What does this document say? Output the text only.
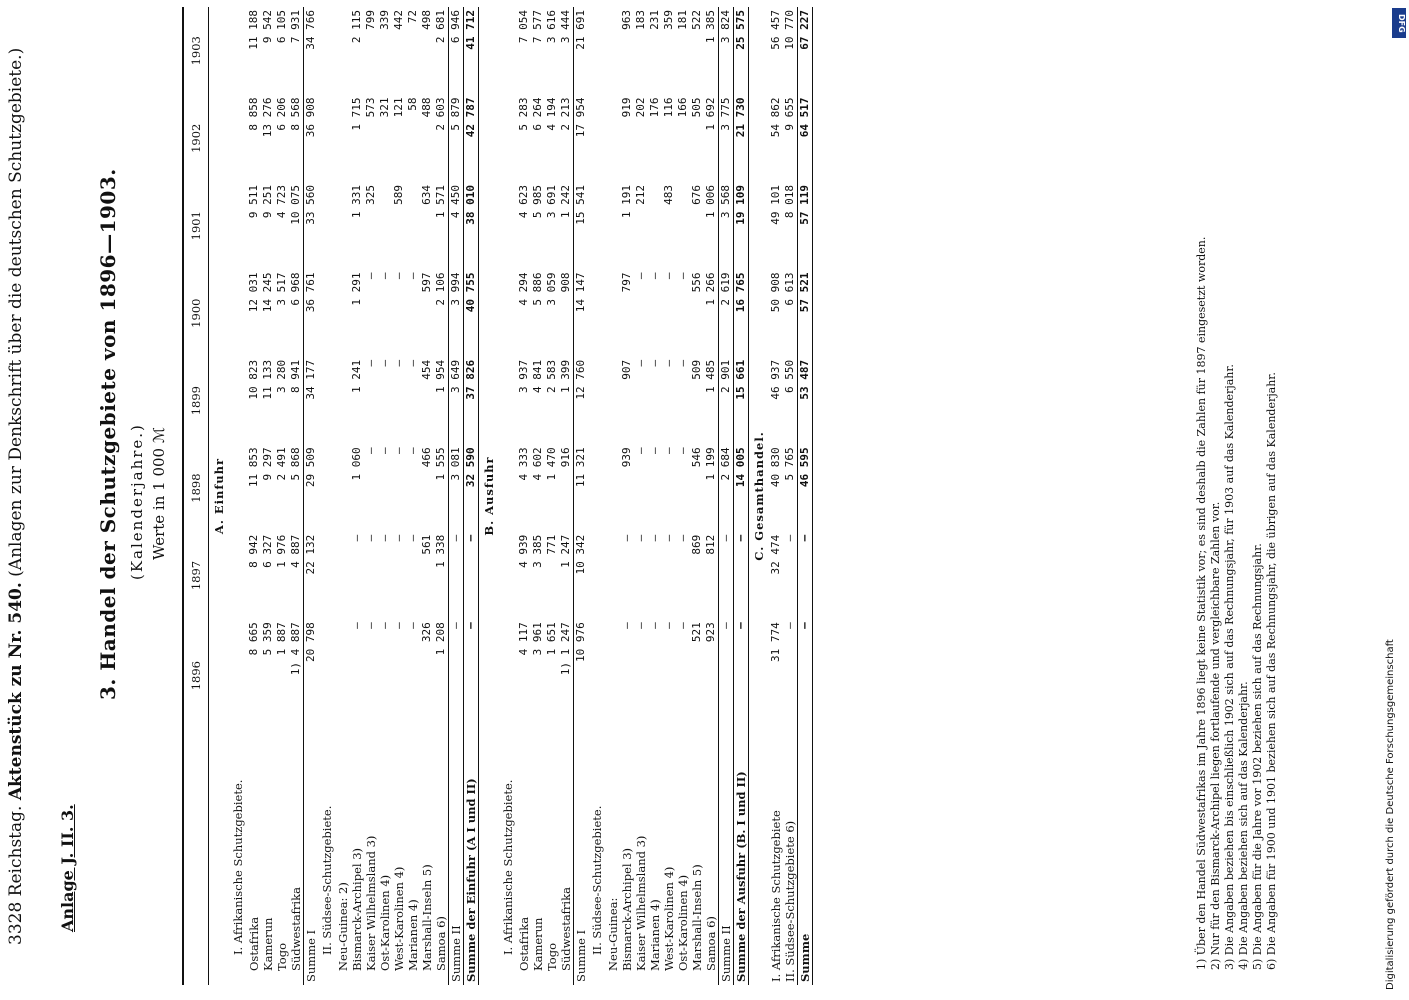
3328 Reichstag. Aktenstück zu Nr. 540. (Anlagen zur Denkschrift über die deutschen Schutzgebiete.)
Anlage J. II. 3.
3. Handel der Schutzgebiete von 1896—1903. (Kalenderjahre.) Werte in 1 000 ℳ
	1896	1897	1898	1899	1900	1901	1902	1903
A. Einfuhr								
I. Afrikanische Schutzgebiete.								
Ostafrika	8 665	8 942	11 853	10 823	12 031	9 511	8 858	11 188
Kamerun	5 359	6 327	9 297	11 133	14 245	9 251	13 276	9 542
Togo	1 887	1 976	2 491	3 280	3 517	4 723	6 206	6 105
Südwestafrika	1) 4 887	4 887	5 868	8 941	6 968	10 075	8 568	7 931
Summe I	20 798	22 132	29 509	34 177	36 761	33 560	36 908	34 766
II. Südsee-Schutzgebiete.								
Neu-Guinea: 2)								
Bismarck-Archipel 3)	—	—	1 060	1 241	1 291	1 331	1 715	2 115
Kaiser Wilhelmsland 3)	—	—	—	—	—	325	573	799
Ost-Karolinen 4)	—	—	—	—	—		321	339
West-Karolinen 4)	—	—	—	—	—	589	121	442
Marianen 4)	—	—	—	—	—		58	72
Marshall-Inseln 5)	326	561	466	454	597	634	488	498
Samoa 6)	1 208	1 338	1 555	1 954	2 106	1 571	2 603	2 681
Summe II	—	—	3 081	3 649	3 994	4 450	5 879	6 946
Summe der Einfuhr (A I und II)	—	—	32 590	37 826	40 755	38 010	42 787	41 712
B. Ausfuhr								
I. Afrikanische Schutzgebiete.								
Ostafrika	4 117	4 939	4 333	3 937	4 294	4 623	5 283	7 054
Kamerun	3 961	3 385	4 602	4 841	5 886	5 985	6 264	7 577
Togo	1 651	771	1 470	2 583	3 059	3 691	4 194	3 616
Südwestafrika	1) 1 247	1 247	916	1 399	908	1 242	2 213	3 444
Summe I	10 976	10 342	11 321	12 760	14 147	15 541	17 954	21 691
II. Südsee-Schutzgebiete.								
Neu-Guinea:								
Bismarck-Archipel 3)	—	—	939	907	797	1 191	919	963
Kaiser Wilhelmsland 3)	—	—	—	—	—	212	202	183
Marianen 4)	—	—	—	—	—		176	231
West-Karolinen 4)	—	—	—	—	—	483	116	359
Ost-Karolinen 4)	—	—	—	—	—		166	181
Marshall-Inseln 5)	521	869	546	509	556	676	505	522
Samoa 6)	923	812	1 199	1 485	1 266	1 006	1 692	1 385
Summe II	—	—	2 684	2 901	2 619	3 568	3 775	3 824
Summe der Ausfuhr (B. I und II)	—	—	14 005	15 661	16 765	19 109	21 730	25 575
C. Gesamthandel.								
I. Afrikanische Schutzgebiete	31 774	32 474	40 830	46 937	50 908	49 101	54 862	56 457
II. Südsee-Schutzgebiete 6)	—	—	5 765	6 550	6 613	8 018	9 655	10 770
Summe	—	—	46 595	53 487	57 521	57 119	64 517	67 227
1) Über den Handel Südwestafrikas im Jahre 1896 liegt keine Statistik vor; es sind deshalb die Zahlen für 1897 eingesetzt worden. 2) Nur für den Bismarck-Archipel liegen fortlaufende und vergleichbare Zahlen vor. 3) Die Angaben beziehen bis einschließlich 1902 sich auf das Rechnungsjahr, für 1903 auf das Kalenderjahr. 4) Die Angaben beziehen sich auf das Kalenderjahr. 5) Die Angaben für die Jahre vor 1902 beziehen sich auf das Rechnungsjahr. 6) Die Angaben für 1900 und 1901 beziehen sich auf das Rechnungsjahr, die übrigen auf das Kalenderjahr.
DFG
Digitalisierung gefördert durch die Deutsche Forschungsgemeinschaft
